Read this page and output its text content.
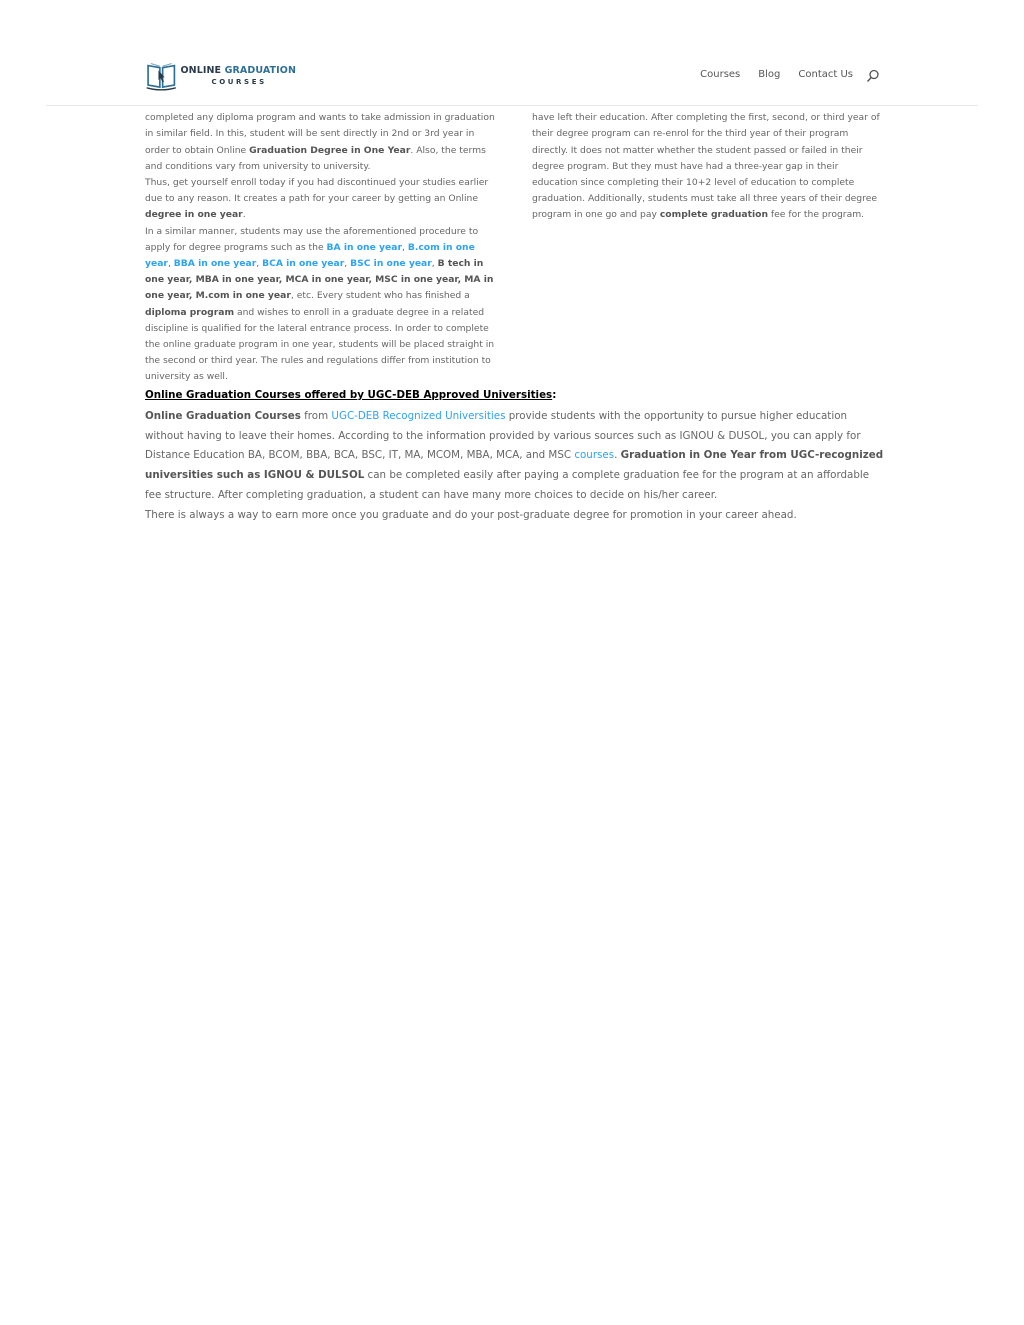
completed any diploma program and wants to take admission in graduation in similar field. In this, student will be sent directly in 2nd or 3rd year in order to obtain Online Graduation Degree in One Year. Also, the terms and conditions vary from university to university.

Thus, get yourself enroll today if you had discontinued your studies earlier due to any reason. It creates a path for your career by getting an Online degree in one year.

In a similar manner, students may use the aforementioned procedure to apply for degree programs such as the BA in one year, B.com in one year, BBA in one year, BCA in one year, BSC in one year, B tech in one year, MBA in one year, MCA in one year, MSC in one year, MA in one year, M.com in one year, etc. Every student who has finished a diploma program and wishes to enroll in a graduate degree in a related discipline is qualified for the lateral entrance process. In order to complete the online graduate program in one year, students will be placed straight in the second or third year. The rules and regulations differ from institution to university as well.

have left their education. After completing the first, second, or third year of their degree program can re-enrol for the third year of their program directly. It does not matter whether the student passed or failed in their degree program. But they must have had a three-year gap in their education since completing their 10+2 level of education to complete graduation. Additionally, students must take all three years of their degree program in one go and pay complete graduation fee for the program.

ONLINE GRADUATION
COURSES
Courses Blog Contact Us
Online Graduation Courses offered by UGC-DEB Approved Universities:

Online Graduation Courses from UGC-DEB Recognized Universities provide students with the opportunity to pursue higher education without having to leave their homes. According to the information provided by various sources such as IGNOU & DUSOL, you can apply for Distance Education BA, BCOM, BBA, BCA, BSC, IT, MA, MCOM, MBA, MCA, and MSC courses. Graduation in One Year from UGC-recognized universities such as IGNOU & DULSOL can be completed easily after paying a complete graduation fee for the program at an affordable fee structure. After completing graduation, a student can have many more choices to decide on his/her career.

There is always a way to earn more once you graduate and do your post-graduate degree for promotion in your career ahead.
